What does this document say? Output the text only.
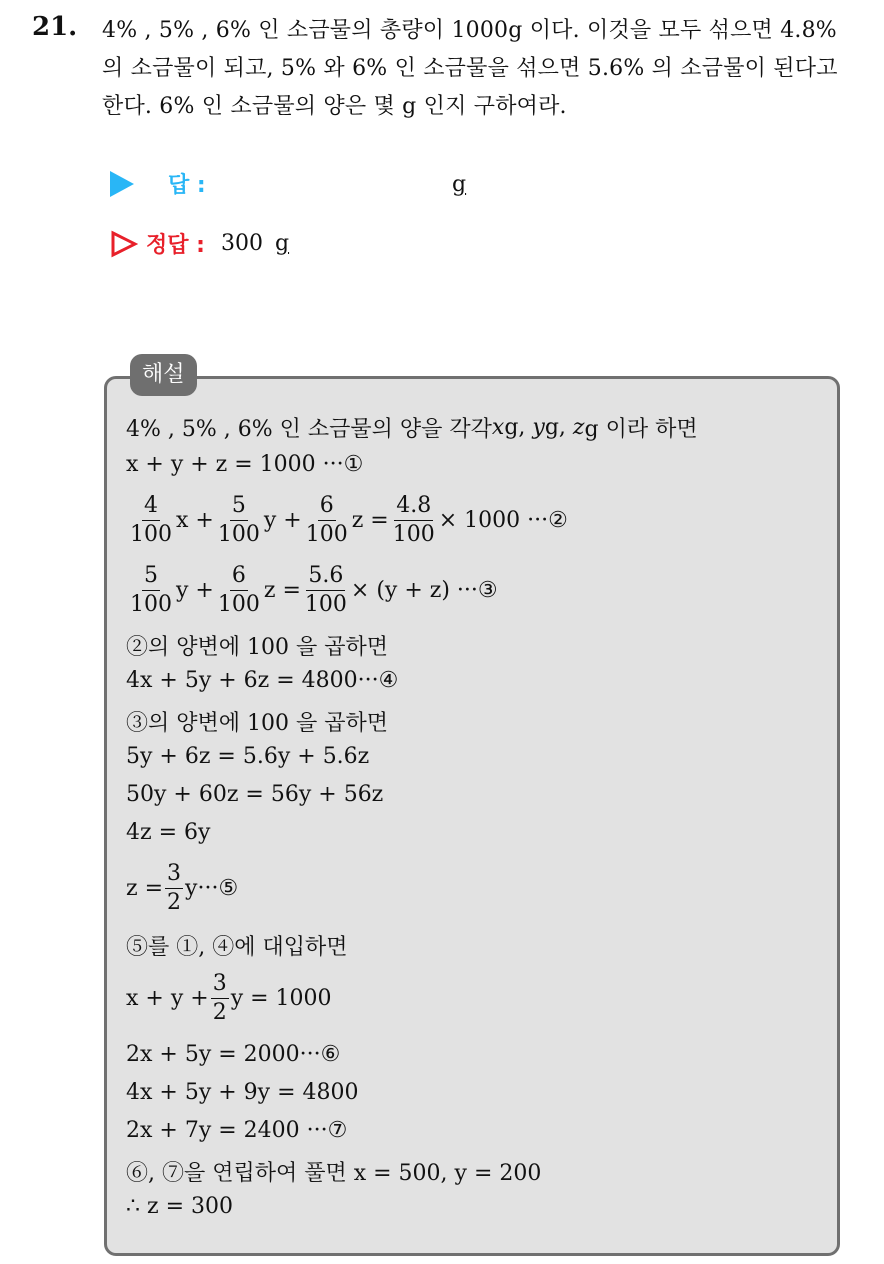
21. 4% , 5% , 6% 인 소금물의 총량이 1000g 이다. 이것을 모두 섞으면 4.8% 의 소금물이 되고, 5% 와 6% 인 소금물을 섞으면 5.6% 의 소금물이 된다고 한다. 6% 인 소금물의 양은 몇 g 인지 구하여라.
답 :	g
정답 : 300 g
해설
4% , 5% , 6% 인 소금물의 양을 각각 x g,
y g,
z g 이라 하면
x + y + z = 1000 ···①
$\frac{4}{100}$ $x + \frac{5}{100}$ $y + \frac{6}{100}$ $z = \frac{4.8}{100} \times 1000$ ···②
$\frac{5}{100}$ $y + \frac{6}{100}$ $z = \frac{5.6}{100} \times (y + z)$ ···③
②의 양변에 100 을 곱하면
4x + 5y + 6z = 4800···④
③의 양변에 100 을 곱하면
5y + 6z = 5.6y + 5.6z
50y + 60z = 56y + 56z
4z = 6y
$z = \frac{3}{2}$ y···⑤
⑤를 ①, ④에 대입하면
$x + y + \frac{3}{2}$ y = 1000
2x + 5y = 2000···⑥
4x + 5y + 9y = 4800
2x + 7y = 2400 ···⑦
⑥, ⑦을 연립하여 풀면 x = 500, y = 200
∴ z = 300
